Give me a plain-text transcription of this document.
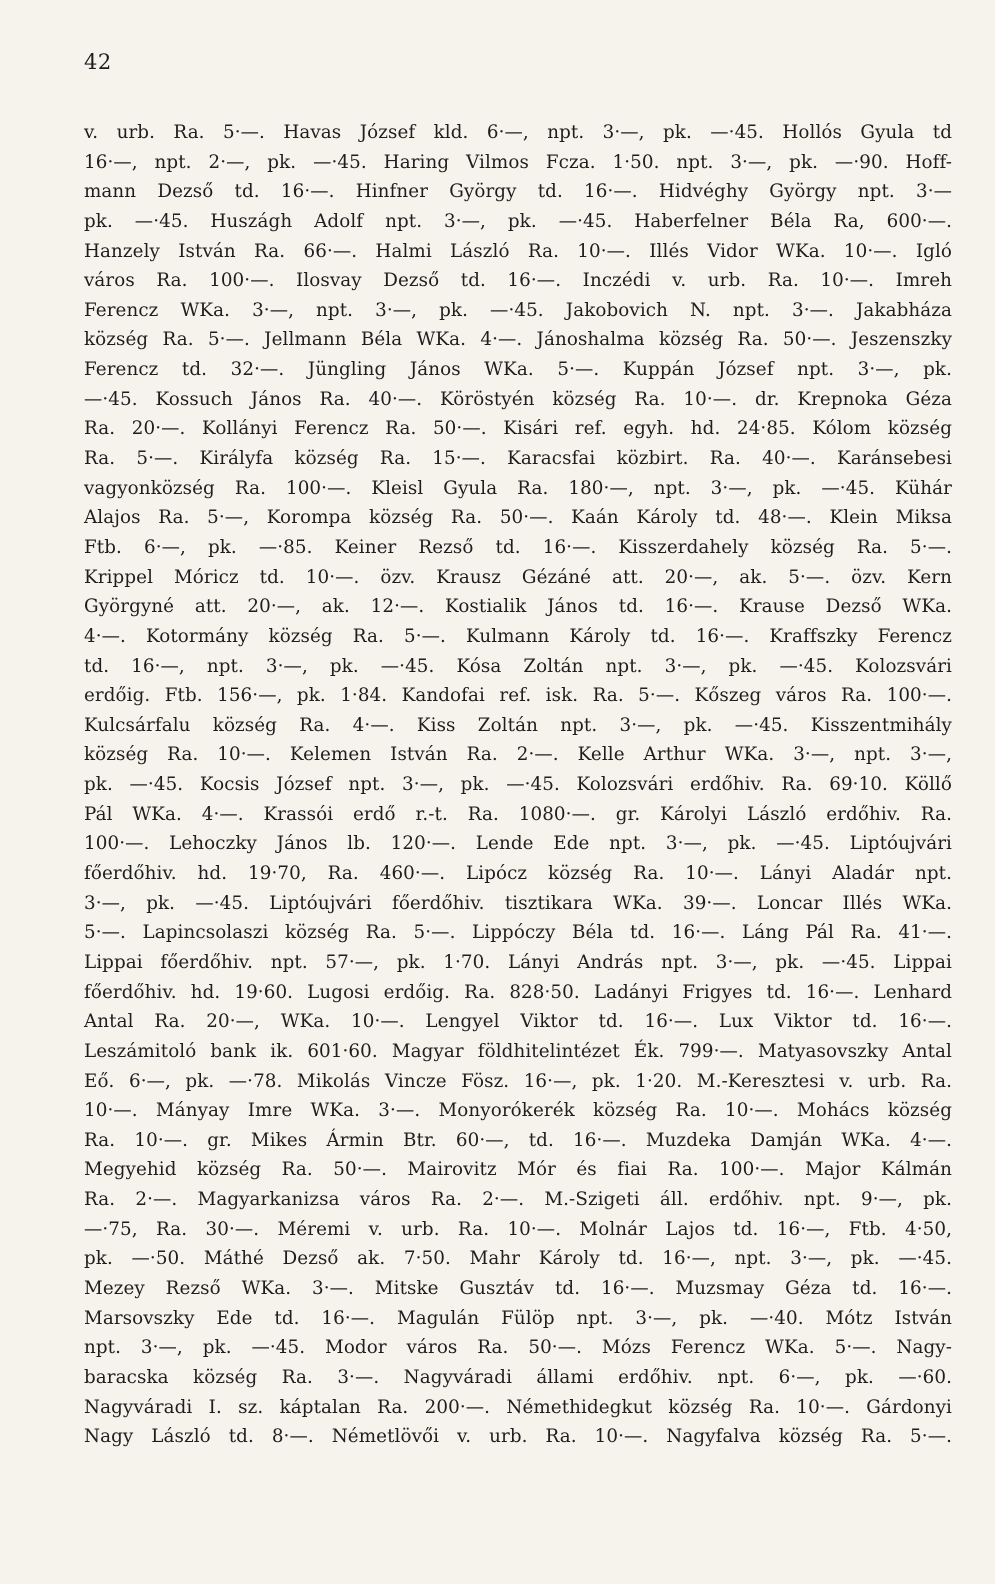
42
v. urb. Ra. 5·—. Havas József kld. 6·—, npt. 3·—, pk. —·45. Hollós Gyula td
16·—, npt. 2·—, pk. —·45. Haring Vilmos Fcza. 1·50. npt. 3·—, pk. —·90. Hoff-
mann Dezső td. 16·—. Hinfner György td. 16·—. Hidvéghy György npt. 3·—
pk. —·45. Huszágh Adolf npt. 3·—, pk. —·45. Haberfelner Béla Ra, 600·—.
Hanzely István Ra. 66·—. Halmi László Ra. 10·—. Illés Vidor WKa. 10·—. Igló
város Ra. 100·—. Ilosvay Dezső td. 16·—. Inczédi v. urb. Ra. 10·—. Imreh
Ferencz WKa. 3·—, npt. 3·—, pk. —·45. Jakobovich N. npt. 3·—. Jakabháza
község Ra. 5·—. Jellmann Béla WKa. 4·—. Jánoshalma község Ra. 50·—. Jeszenszky
Ferencz td. 32·—. Jüngling János WKa. 5·—. Kuppán József npt. 3·—, pk.
—·45. Kossuch János Ra. 40·—. Köröstyén község Ra. 10·—. dr. Krepnoka Géza
Ra. 20·—. Kollányi Ferencz Ra. 50·—. Kisári ref. egyh. hd. 24·85. Kólom község
Ra. 5·—. Királyfa község Ra. 15·—. Karacsfai közbirt. Ra. 40·—. Karánsebesi
vagyonközség Ra. 100·—. Kleisl Gyula Ra. 180·—, npt. 3·—, pk. —·45. Kühár
Alajos Ra. 5·—, Korompa község Ra. 50·—. Kaán Károly td. 48·—. Klein Miksa
Ftb. 6·—, pk. —·85. Keiner Rezső td. 16·—. Kisszerdahely község Ra. 5·—.
Krippel Móricz td. 10·—. özv. Krausz Gézáné att. 20·—, ak. 5·—. özv. Kern
Györgyné att. 20·—, ak. 12·—. Kostialik János td. 16·—. Krause Dezső WKa.
4·—. Kotormány község Ra. 5·—. Kulmann Károly td. 16·—. Kraffszky Ferencz
td. 16·—, npt. 3·—, pk. —·45. Kósa Zoltán npt. 3·—, pk. —·45. Kolozsvári
erdőig. Ftb. 156·—, pk. 1·84. Kandofai ref. isk. Ra. 5·—. Kőszeg város Ra. 100·—.
Kulcsárfalu község Ra. 4·—. Kiss Zoltán npt. 3·—, pk. —·45. Kisszentmihály
község Ra. 10·—. Kelemen István Ra. 2·—. Kelle Arthur WKa. 3·—, npt. 3·—,
pk. —·45. Kocsis József npt. 3·—, pk. —·45. Kolozsvári erdőhiv. Ra. 69·10. Köllő
Pál WKa. 4·—. Krassói erdő r.-t. Ra. 1080·—. gr. Károlyi László erdőhiv. Ra.
100·—. Lehoczky János lb. 120·—. Lende Ede npt. 3·—, pk. —·45. Liptóujvári
főerdőhiv. hd. 19·70, Ra. 460·—. Lipócz község Ra. 10·—. Lányi Aladár npt.
3·—, pk. —·45. Liptóujvári főerdőhiv. tisztikara WKa. 39·—. Loncar Illés WKa.
5·—. Lapincsolaszi község Ra. 5·—. Lippóczy Béla td. 16·—. Láng Pál Ra. 41·—.
Lippai főerdőhiv. npt. 57·—, pk. 1·70. Lányi András npt. 3·—, pk. —·45. Lippai
főerdőhiv. hd. 19·60. Lugosi erdőig. Ra. 828·50. Ladányi Frigyes td. 16·—. Lenhard
Antal Ra. 20·—, WKa. 10·—. Lengyel Viktor td. 16·—. Lux Viktor td. 16·—.
Leszámitoló bank ik. 601·60. Magyar földhitelintézet Ék. 799·—. Matyasovszky Antal
Eő. 6·—, pk. —·78. Mikolás Vincze Fösz. 16·—, pk. 1·20. M.-Keresztesi v. urb. Ra.
10·—. Mányay Imre WKa. 3·—. Monyorókerék község Ra. 10·—. Mohács község
Ra. 10·—. gr. Mikes Ármin Btr. 60·—, td. 16·—. Muzdeka Damján WKa. 4·—.
Megyehid község Ra. 50·—. Mairovitz Mór és fiai Ra. 100·—. Major Kálmán
Ra. 2·—. Magyarkanizsa város Ra. 2·—. M.-Szigeti áll. erdőhiv. npt. 9·—, pk.
—·75, Ra. 30·—. Méremi v. urb. Ra. 10·—. Molnár Lajos td. 16·—, Ftb. 4·50,
pk. —·50. Máthé Dezső ak. 7·50. Mahr Károly td. 16·—, npt. 3·—, pk. —·45.
Mezey Rezső WKa. 3·—. Mitske Gusztáv td. 16·—. Muzsmay Géza td. 16·—.
Marsovszky Ede td. 16·—. Magulán Fülöp npt. 3·—, pk. —·40. Mótz István
npt. 3·—, pk. —·45. Modor város Ra. 50·—. Mózs Ferencz WKa. 5·—. Nagy-
baracska község Ra. 3·—. Nagyváradi állami erdőhiv. npt. 6·—, pk. —·60.
Nagyváradi I. sz. káptalan Ra. 200·—. Némethidegkut község Ra. 10·—. Gárdonyi
Nagy László td. 8·—. Németlövői v. urb. Ra. 10·—. Nagyfalva község Ra. 5·—.
